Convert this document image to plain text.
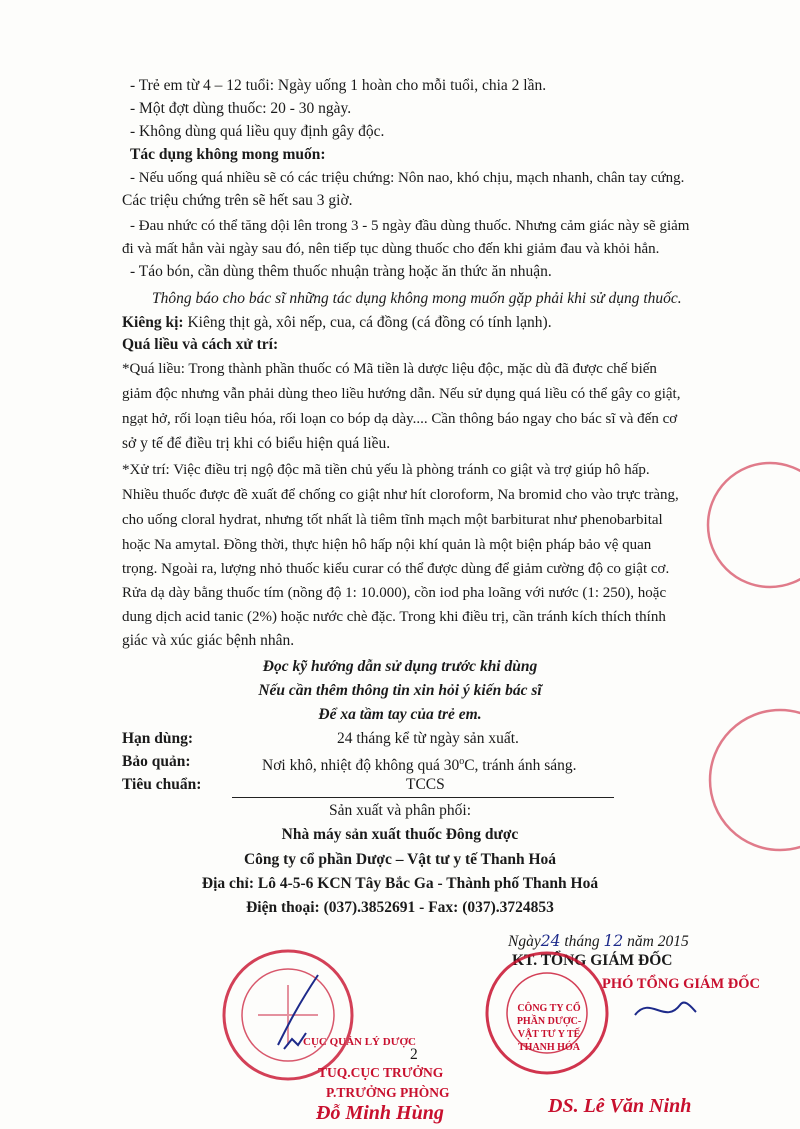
- Trẻ em từ 4 – 12 tuổi: Ngày uống 1 hoàn cho mỗi tuổi, chia 2 lần.
- Một đợt dùng thuốc: 20 - 30 ngày.
- Không dùng quá liều quy định gây độc.
Tác dụng không mong muốn:
- Nếu uống quá nhiều sẽ có các triệu chứng: Nôn nao, khó chịu, mạch nhanh, chân tay cứng.
Các triệu chứng trên sẽ hết sau 3 giờ.
- Đau nhức có thể tăng dội lên trong 3 - 5 ngày đầu dùng thuốc. Nhưng cảm giác này sẽ giảm
đi và mất hẳn vài ngày sau đó, nên tiếp tục dùng thuốc cho đến khi giảm đau và khỏi hẳn.
- Táo bón, cần dùng thêm thuốc nhuận tràng hoặc ăn thức ăn nhuận.
Thông báo cho bác sĩ những tác dụng không mong muốn gặp phải khi sử dụng thuốc.
Kiêng kị: Kiêng thịt gà, xôi nếp, cua, cá đồng (cá đồng có tính lạnh).
Quá liều và cách xử trí:
*Quá liều: Trong thành phần thuốc có Mã tiền là dược liệu độc, mặc dù đã được chế biến
giảm độc nhưng vẫn phải dùng theo liều hướng dẫn. Nếu sử dụng quá liều có thể gây co giật,
ngạt hở, rối loạn tiêu hóa, rối loạn co bóp dạ dày.... Cần thông báo ngay cho bác sĩ và đến cơ
sở y tế để điều trị khi có biểu hiện quá liều.
*Xử trí: Việc điều trị ngộ độc mã tiền chủ yếu là phòng tránh co giật và trợ giúp hô hấp.
Nhiều thuốc được đề xuất để chống co giật như hít cloroform, Na bromid cho vào trực tràng,
cho uống cloral hydrat, nhưng tốt nhất là tiêm tĩnh mạch một barbiturat như phenobarbital
hoặc Na amytal. Đồng thời, thực hiện hô hấp nội khí quản là một biện pháp bảo vệ quan
trọng. Ngoài ra, lượng nhỏ thuốc kiểu curar có thể được dùng để giảm cường độ co giật cơ.
Rửa dạ dày bằng thuốc tím (nồng độ 1: 10.000), cồn iod pha loãng với nước (1: 250), hoặc
dung dịch acid tanic (2%) hoặc nước chè đặc. Trong khi điều trị, cần tránh kích thích thính
giác và xúc giác bệnh nhân.
Đọc kỹ hướng dẫn sử dụng trước khi dùng
Nếu cần thêm thông tin xin hỏi ý kiến bác sĩ
Để xa tầm tay của trẻ em.
Hạn dùng:	24 tháng kể từ ngày sản xuất.
Bảo quản:	Nơi khô, nhiệt độ không quá 30$^o$C, tránh ánh sáng.
Tiêu chuẩn:	TCCS
Sản xuất và phân phối:
Nhà máy sản xuất thuốc Đông dược
Công ty cổ phần Dược – Vật tư y tế Thanh Hoá
Địa chỉ: Lô 4-5-6 KCN Tây Bắc Ga - Thành phố Thanh Hoá
Điện thoại: (037).3852691 - Fax: (037).3724853
Ngày24 tháng 12 năm 2015
KT. TỔNG GIÁM ĐỐC
PHÓ TỔNG GIÁM ĐỐC
CỤC QUẢN LÝ DƯỢC
CÔNG TY CỔ PHẦN DƯỢC-VẬT TƯ Y TẾ THANH HÓA
2
TUQ.CỤC TRƯỞNG
P.TRƯỞNG PHÒNG
Đỗ Minh Hùng	DS. Lê Văn Ninh
